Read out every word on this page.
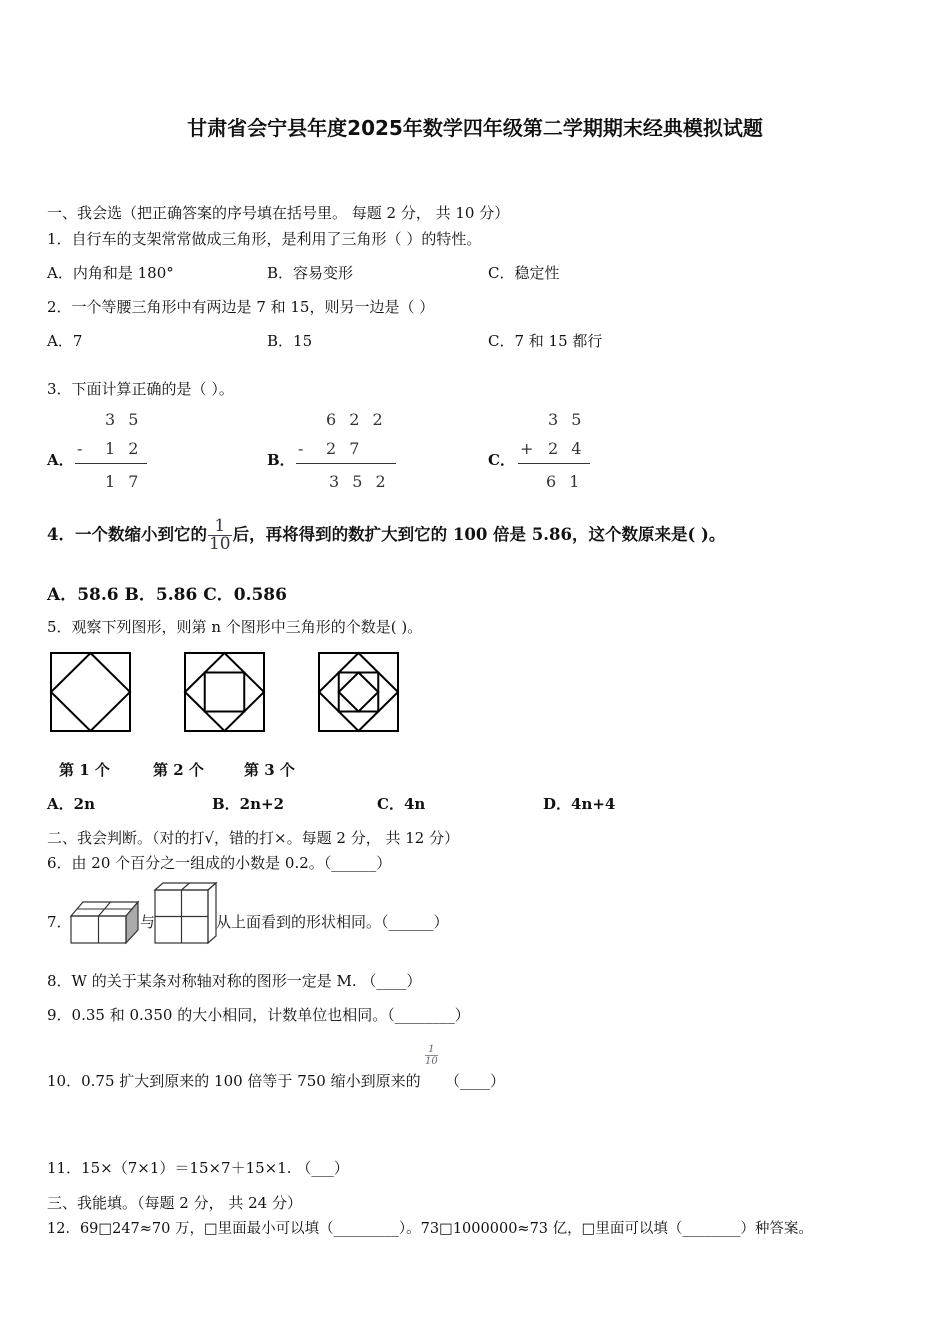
甘肃省会宁县年度2025年数学四年级第二学期期末经典模拟试题
一、我会选（把正确答案的序号填在括号里。 每题 2 分， 共 10 分）
1．自行车的支架常常做成三角形，是利用了三角形（ ）的特性。
A．内角和是 180°	B．容易变形	C．稳定性
2．一个等腰三角形中有两边是 7 和 15，则另一边是（ ）
A．7	B．15	C．7 和 15 都行
3．下面计算正确的是（ ）。
A．
3 5
- 1 2
1 7
B．
6 2 2
- 2 7
3 5 2
C．
3 5
+ 2 4
6 1
4．一个数缩小到它的 $\frac{1}{10}$ 后，再将得到的数扩大到它的 100 倍是 5.86，这个数原来是( )。
A．58.6 B．5.86 C．0.586
5．观察下列图形，则第 n 个图形中三角形的个数是( )。
第 1 个	第 2 个	第 3 个
A．2n	B．2n+2	C．4n	D．4n+4
二、我会判断。（对的打√，错的打×。每题 2 分， 共 12 分）
6．由 20 个百分之一组成的小数是 0.2。（______）
7．	与	从上面看到的形状相同。（______）
8．W 的关于某条对称轴对称的图形一定是 M. （____）
9．0.35 和 0.350 的大小相同，计数单位也相同。（________）
10．0.75 扩大到原来的 100 倍等于 750 缩小到原来的
$\frac{1}{10}$
（____）
11．15×（7×1）＝15×7＋15×1. （___）
三、我能填。（每题 2 分， 共 24 分）
12．69□247≈70 万，□里面最小可以填（_________）。73□1000000≈73 亿，□里面可以填（________）种答案。
